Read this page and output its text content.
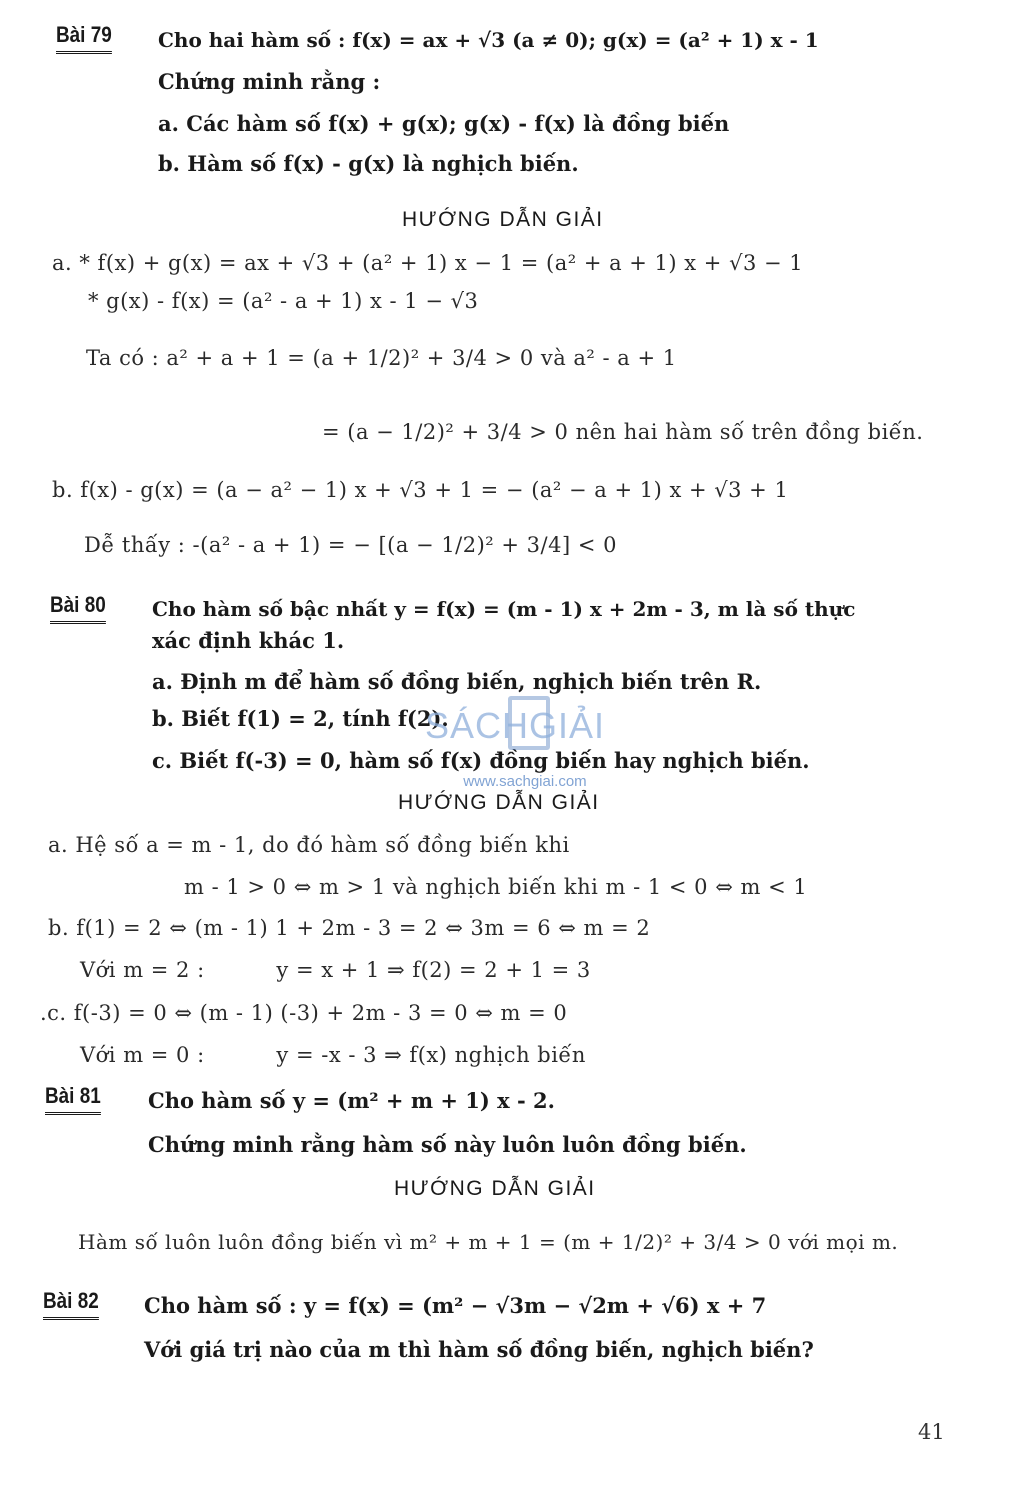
Bài 79 Cho hai hàm số : f(x) = ax + √3 (a ≠ 0); g(x) = (a² + 1) x - 1
Chứng minh rằng :
a. Các hàm số f(x) + g(x); g(x) - f(x) là đồng biến
b. Hàm số f(x) - g(x) là nghịch biến.
HƯỚNG DẪN GIẢI
a. * f(x) + g(x) = ax + √3 + (a² + 1) x − 1 = (a² + a + 1) x + √3 − 1
* g(x) - f(x) = (a² - a + 1) x - 1 − √3
Ta có : a² + a + 1 = (a + 1/2)² + 3/4 > 0 và a² - a + 1
= (a − 1/2)² + 3/4 > 0 nên hai hàm số trên đồng biến.
b. f(x) - g(x) = (a − a² − 1) x + √3 + 1 = − (a² − a + 1) x + √3 + 1
Dễ thấy : -(a² - a + 1) = − [(a − 1/2)² + 3/4] < 0
Bài 80 Cho hàm số bậc nhất y = f(x) = (m - 1) x + 2m - 3, m là số thực
xác định khác 1.
a. Định m để hàm số đồng biến, nghịch biến trên R.
b. Biết f(1) = 2, tính f(2).
c. Biết f(-3) = 0, hàm số f(x) đồng biến hay nghịch biến.
HƯỚNG DẪN GIẢI
a. Hệ số a = m - 1, do đó hàm số đồng biến khi
m - 1 > 0 ⇔ m > 1 và nghịch biến khi m - 1 < 0 ⇔ m < 1
b. f(1) = 2 ⇔ (m - 1) 1 + 2m - 3 = 2 ⇔ 3m = 6 ⇔ m = 2
Với m = 2 :          y = x + 1 ⇒ f(2) = 2 + 1 = 3
.c. f(-3) = 0 ⇔ (m - 1) (-3) + 2m - 3 = 0 ⇔ m = 0
Với m = 0 :          y = -x - 3 ⇒ f(x) nghịch biến
Bài 81 Cho hàm số y = (m² + m + 1) x - 2.
Chứng minh rằng hàm số này luôn luôn đồng biến.
HƯỚNG DẪN GIẢI
Hàm số luôn luôn đồng biến vì m² + m + 1 = (m + 1/2)² + 3/4 > 0 với mọi m.
Bài 82 Cho hàm số : y = f(x) = (m² − √3m − √2m + √6) x + 7
Với giá trị nào của m thì hàm số đồng biến, nghịch biến?
SÁCHGIẢI
www.sachgiai.com
41
